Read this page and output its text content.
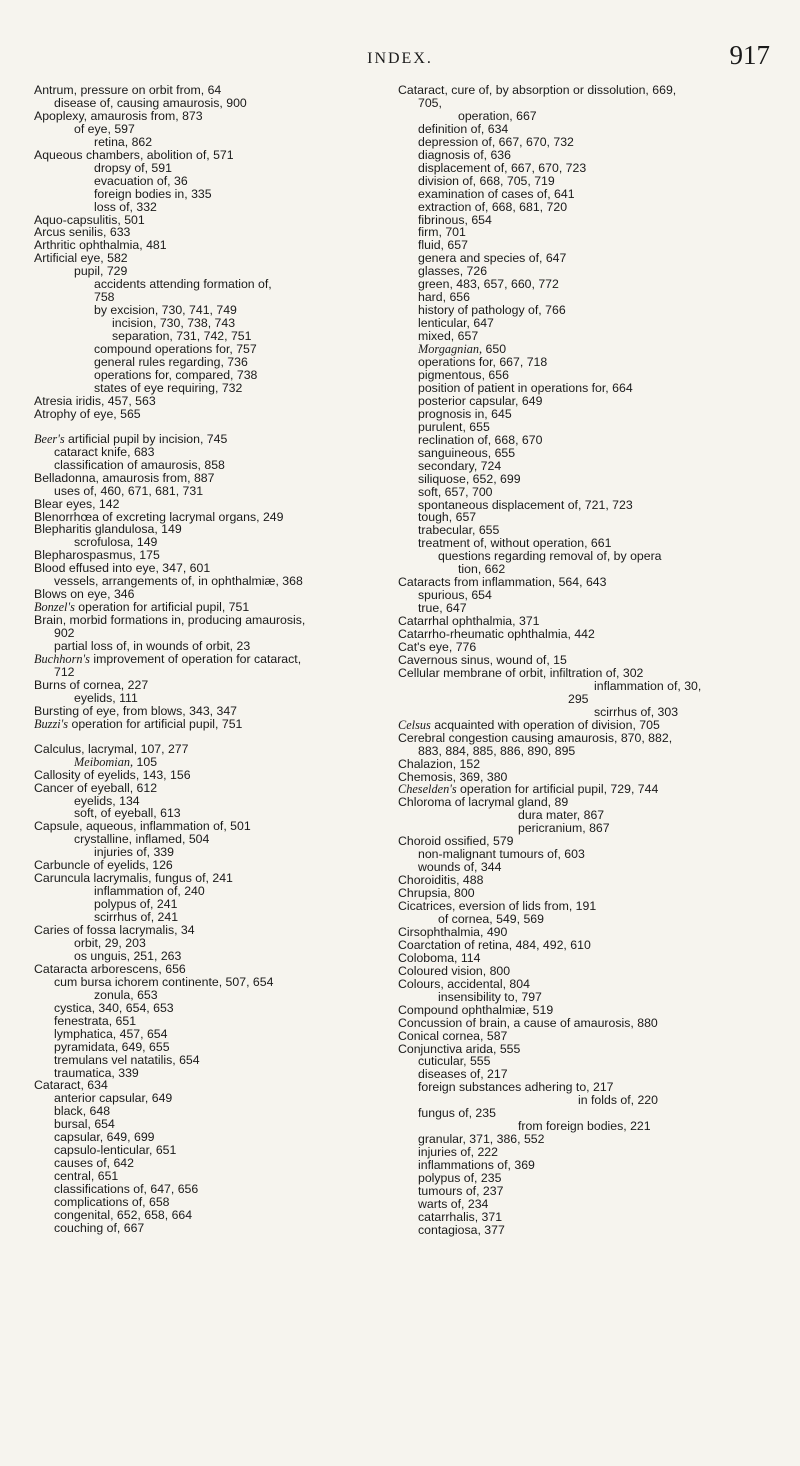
INDEX.	917
Antrum, pressure on orbit from, 64
disease of, causing amaurosis, 900
Apoplexy, amaurosis from, 873
of eye, 597
retina, 862
Aqueous chambers, abolition of, 571
dropsy of, 591
evacuation of, 36
foreign bodies in, 335
loss of, 332
Aquo-capsulitis, 501
Arcus senilis, 633
Arthritic ophthalmia, 481
Artificial eye, 582
pupil, 729
accidents attending formation of,
758
by excision, 730, 741, 749
incision, 730, 738, 743
separation, 731, 742, 751
compound operations for, 757
general rules regarding, 736
operations for, compared, 738
states of eye requiring, 732
Atresia iridis, 457, 563
Atrophy of eye, 565
Beer's artificial pupil by incision, 745
cataract knife, 683
classification of amaurosis, 858
Belladonna, amaurosis from, 887
uses of, 460, 671, 681, 731
Blear eyes, 142
Blenorrhœa of excreting lacrymal organs, 249
Blepharitis glandulosa, 149
scrofulosa, 149
Blepharospasmus, 175
Blood effused into eye, 347, 601
vessels, arrangements of, in ophthalmiæ, 368
Blows on eye, 346
Bonzel's operation for artificial pupil, 751
Brain, morbid formations in, producing amaurosis,
902
partial loss of, in wounds of orbit, 23
Buchhorn's improvement of operation for cataract,
712
Burns of cornea, 227
eyelids, 111
Bursting of eye, from blows, 343, 347
Buzzi's operation for artificial pupil, 751
Calculus, lacrymal, 107, 277
Meibomian, 105
Callosity of eyelids, 143, 156
Cancer of eyeball, 612
eyelids, 134
soft, of eyeball, 613
Capsule, aqueous, inflammation of, 501
crystalline, inflamed, 504
injuries of, 339
Carbuncle of eyelids, 126
Caruncula lacrymalis, fungus of, 241
inflammation of, 240
polypus of, 241
scirrhus of, 241
Caries of fossa lacrymalis, 34
orbit, 29, 203
os unguis, 251, 263
Cataracta arborescens, 656
cum bursa ichorem continente, 507, 654
zonula, 653
cystica, 340, 654, 653
fenestrata, 651
lymphatica, 457, 654
pyramidata, 649, 655
tremulans vel natatilis, 654
traumatica, 339
Cataract, 634
anterior capsular, 649
black, 648
bursal, 654
capsular, 649, 699
capsulo-lenticular, 651
causes of, 642
central, 651
classifications of, 647, 656
complications of, 658
congenital, 652, 658, 664
couching of, 667
Cataract, cure of, by absorption or dissolution, 669,
705,
operation, 667
definition of, 634
depression of, 667, 670, 732
diagnosis of, 636
displacement of, 667, 670, 723
division of, 668, 705, 719
examination of cases of, 641
extraction of, 668, 681, 720
fibrinous, 654
firm, 701
fluid, 657
genera and species of, 647
glasses, 726
green, 483, 657, 660, 772
hard, 656
history of pathology of, 766
lenticular, 647
mixed, 657
Morgagnian, 650
operations for, 667, 718
pigmentous, 656
position of patient in operations for, 664
posterior capsular, 649
prognosis in, 645
purulent, 655
reclination of, 668, 670
sanguineous, 655
secondary, 724
siliquose, 652, 699
soft, 657, 700
spontaneous displacement of, 721, 723
tough, 657
trabecular, 655
treatment of, without operation, 661
questions regarding removal of, by opera
tion, 662
Cataracts from inflammation, 564, 643
spurious, 654
true, 647
Catarrhal ophthalmia, 371
Catarrho-rheumatic ophthalmia, 442
Cat's eye, 776
Cavernous sinus, wound of, 15
Cellular membrane of orbit, infiltration of, 302
inflammation of, 30,
295
scirrhus of, 303
Celsus acquainted with operation of division, 705
Cerebral congestion causing amaurosis, 870, 882,
883, 884, 885, 886, 890, 895
Chalazion, 152
Chemosis, 369, 380
Cheselden's operation for artificial pupil, 729, 744
Chloroma of lacrymal gland, 89
dura mater, 867
pericranium, 867
Choroid ossified, 579
non-malignant tumours of, 603
wounds of, 344
Choroiditis, 488
Chrupsia, 800
Cicatrices, eversion of lids from, 191
of cornea, 549, 569
Cirsophthalmia, 490
Coarctation of retina, 484, 492, 610
Coloboma, 114
Coloured vision, 800
Colours, accidental, 804
insensibility to, 797
Compound ophthalmiæ, 519
Concussion of brain, a cause of amaurosis, 880
Conical cornea, 587
Conjunctiva arida, 555
cuticular, 555
diseases of, 217
foreign substances adhering to, 217
in folds of, 220
fungus of, 235
from foreign bodies, 221
granular, 371, 386, 552
injuries of, 222
inflammations of, 369
polypus of, 235
tumours of, 237
warts of, 234
catarrhalis, 371
contagiosa, 377
